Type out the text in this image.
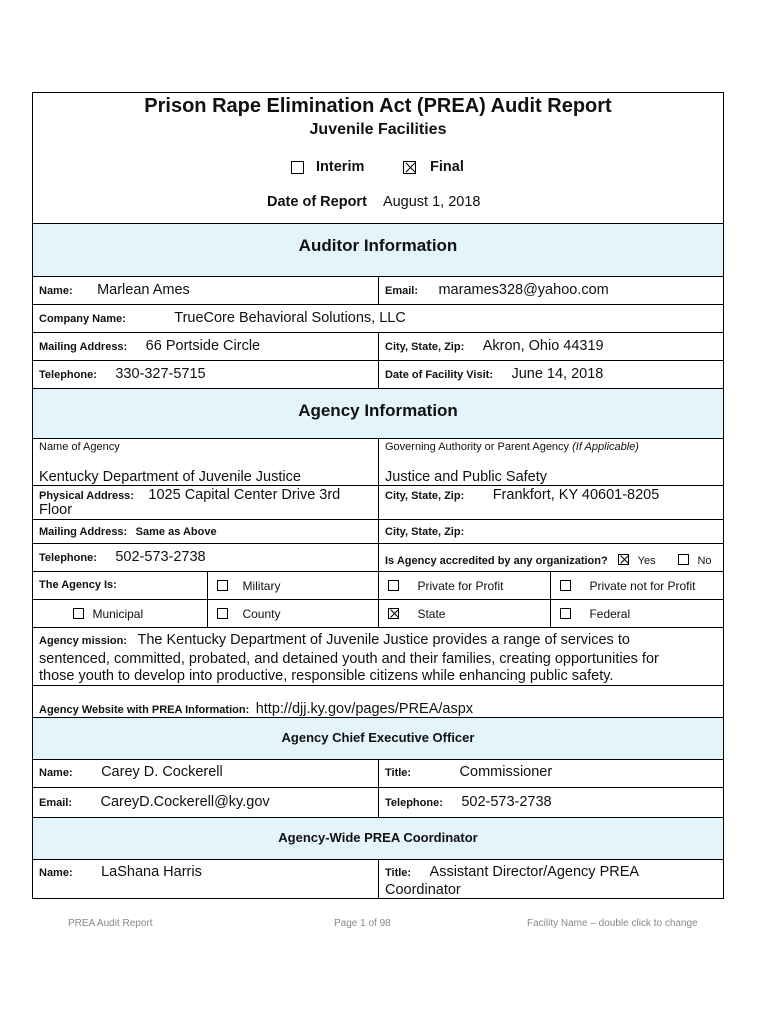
Prison Rape Elimination Act (PREA) Audit Report
Juvenile Facilities
Interim	Final
Date of Report August 1, 2018
Auditor Information
Name: Marlean Ames	Email: marames328@yahoo.com
Company Name:	TrueCore Behavioral Solutions, LLC
Mailing Address: 66 Portside Circle	City, State, Zip: Akron, Ohio 44319
Telephone: 330-327-5715	Date of Facility Visit: June 14, 2018
Agency Information
Name of Agency
Kentucky Department of Juvenile Justice
Governing Authority or Parent Agency (If Applicable)
Justice and Public Safety
Physical Address: 1025 Capital Center Drive 3rd
Floor
City, State, Zip: Frankfort, KY 40601-8205
Mailing Address: Same as Above	City, State, Zip:
Telephone: 502-573-2738	Is Agency accredited by any organization?	Yes	No
The Agency Is:	Military	Private for Profit	Private not for Profit
Municipal	County	State	Federal
Agency mission: The Kentucky Department of Juvenile Justice provides a range of services to
sentenced, committed, probated, and detained youth and their families, creating opportunities for
those youth to develop into productive, responsible citizens while enhancing public safety.
Agency Website with PREA Information: http://djj.ky.gov/pages/PREA/aspx
Agency Chief Executive Officer
Name: Carey D. Cockerell	Title:	Commissioner
Email: CareyD.Cockerell@ky.gov	Telephone: 502-573-2738
Agency-Wide PREA Coordinator
Name: LaShana Harris	Title: Assistant Director/Agency PREA
Coordinator
PREA Audit Report	Page 1 of 98	Facility Name – double click to change
